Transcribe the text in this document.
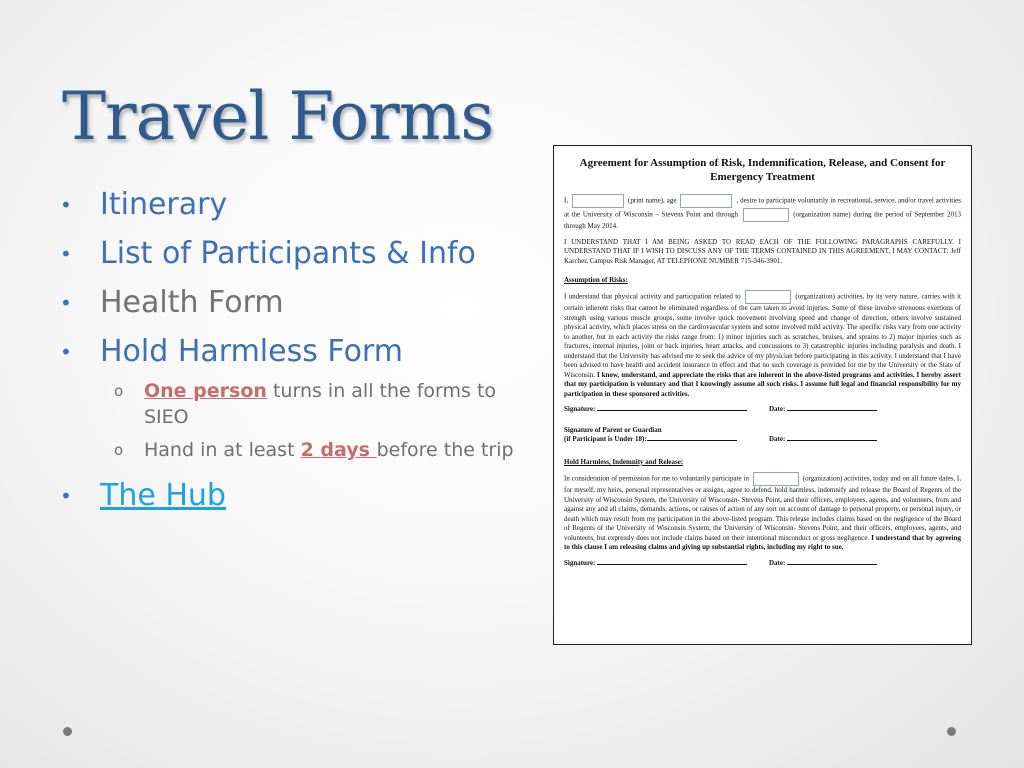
Travel Forms
• Itinerary
• List of Participants & Info
• Health Form
• Hold Harmless Form
o	One person turns in all the forms to SIEO
o	Hand in at least 2 days before the trip
• The Hub
Agreement for Assumption of Risk, Indemnification, Release, and Consent for Emergency Treatment

I,	(print name), age	, desire to participate voluntarily in recreational, service, and/or travel activities at the University of Wisconsin – Stevens Point and through	(organization name) during the period of September 2013 through May 2014.

I UNDERSTAND THAT I AM BEING ASKED TO READ EACH OF THE FOLLOWING PARAGRAPHS CAREFULLY. I UNDERSTAND THAT IF I WISH TO DISCUSS ANY OF THE TERMS CONTAINED IN THIS AGREEMENT, I MAY CONTACT: Jeff Karcher, Campus Risk Manager, AT TELEPHONE NUMBER 715-346-3901.

Assumption of Risks:

I understand that physical activity and participation related to	(organization) activities, by its very nature, carries with it certain inherent risks that cannot be eliminated regardless of the care taken to avoid injuries. Some of these involve strenuous exertions of strength using various muscle groups, some involve quick movement involving speed and change of direction, others involve sustained physical activity, which places stress on the cardiovascular system and some involved mild activity. The specific risks vary from one activity to another, but in each activity the risks range from: 1) minor injuries such as scratches, bruises, and sprains to 2) major injuries such as fractures, internal injuries, joint or back injuries, heart attacks, and concussions to 3) catastrophic injuries including paralysis and death. I understand that the University has advised me to seek the advice of my physician before participating in this activity. I understand that I have been advised to have health and accident insurance in effect and that no such coverage is provided for me by the University or the State of Wisconsin. I know, understand, and appreciate the risks that are inherent in the above-listed programs and activities. I hereby assert that my participation is voluntary and that I knowingly assume all such risks. I assume full legal and financial responsibility for my participation in these sponsored activities.

Signature:	Date:
Signature of Parent or Guardian
(if Participant is Under 18):	Date:
Hold Harmless, Indemnity and Release:

In consideration of permission for me to voluntarily participate in	(organization) activities, today and on all future dates, I, for myself, my heirs, personal representatives or assigns, agree to defend, hold harmless, indemnify and release the Board of Regents of the University of Wisconsin System, the University of Wisconsin- Stevens Point, and their officers, employees, agents, and volunteers, from and against any and all claims, demands, actions, or causes of action of any sort on account of damage to personal property, or personal injury, or death which may result from my participation in the above-listed program. This release includes claims based on the negligence of the Board of Regents of the University of Wisconsin System, the University of Wisconsin- Stevens Point, and their officers, employees, agents, and volunteers, but expressly does not include claims based on their intentional misconduct or gross negligence. I understand that by agreeing to this clause I am releasing claims and giving up substantial rights, including my right to sue.

Signature:	Date:
